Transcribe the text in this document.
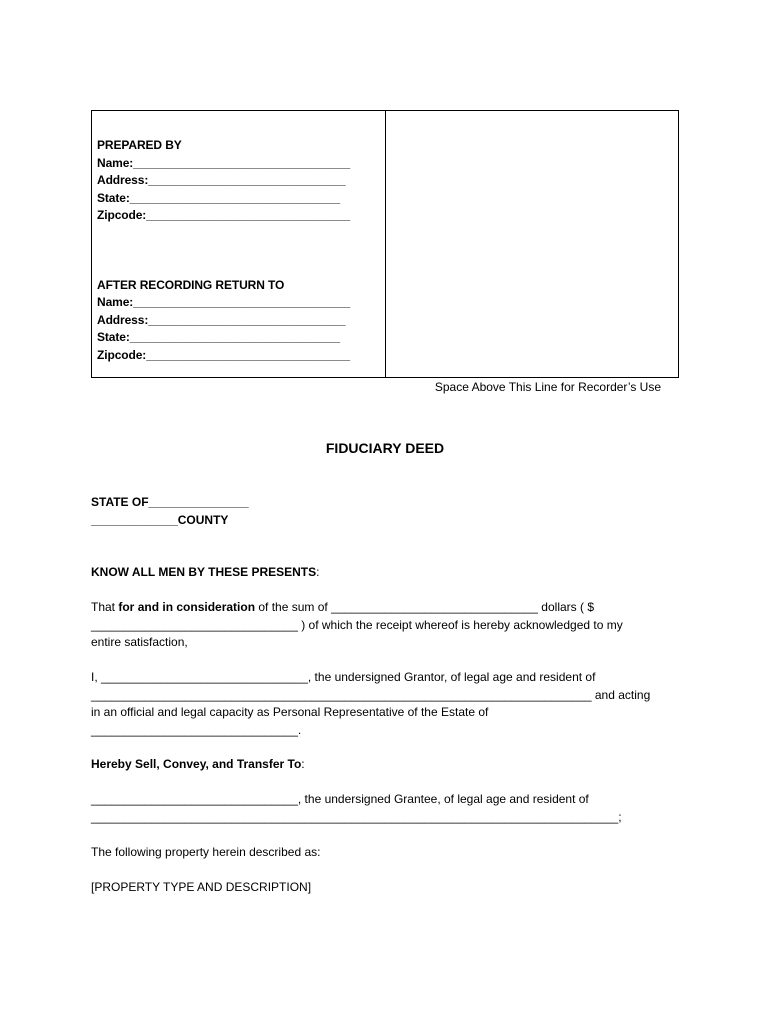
PREPARED BY
Name:_________________________________
Address:______________________________
State:________________________________
Zipcode:_______________________________
AFTER RECORDING RETURN TO
Name:_________________________________
Address:______________________________
State:________________________________
Zipcode:_______________________________
Space Above This Line for Recorder’s Use
FIDUCIARY DEED
STATE OF_______________
_____________COUNTY
KNOW ALL MEN BY THESE PRESENTS:
That for and in consideration of the sum of _______________________________ dollars ( $
_______________________________ ) of which the receipt whereof is hereby acknowledged to my
entire satisfaction,
I, _______________________________, the undersigned Grantor, of legal age and resident of
___________________________________________________________________________ and acting
in an official and legal capacity as Personal Representative of the Estate of
_______________________________.
Hereby Sell, Convey, and Transfer To:
_______________________________, the undersigned Grantee, of legal age and resident of
_______________________________________________________________________________;
The following property herein described as:
[PROPERTY TYPE AND DESCRIPTION]
